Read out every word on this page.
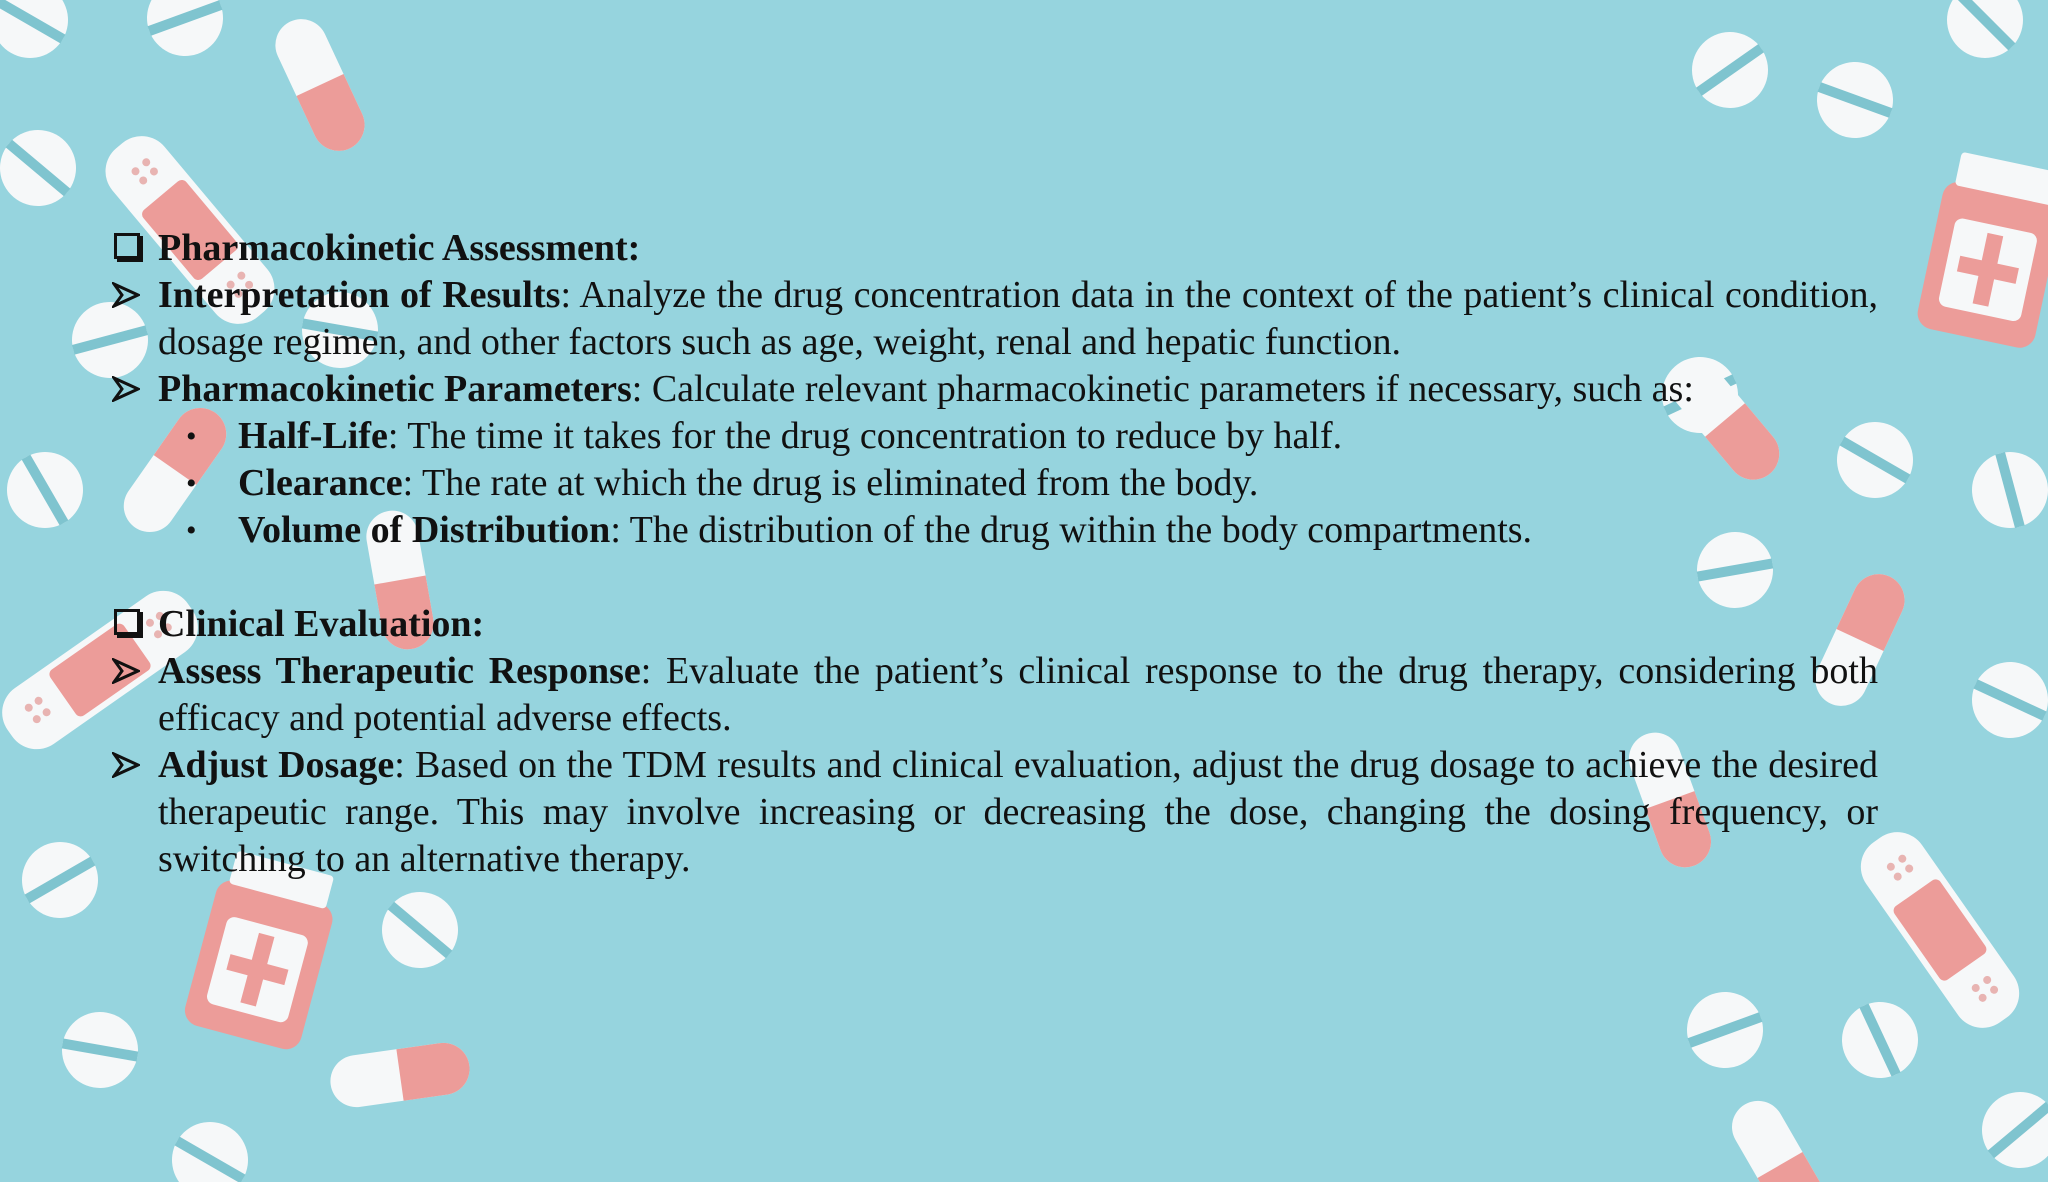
Pharmacokinetic Assessment:
Interpretation of Results: Analyze the drug concentration data in the context of the patient’s clinical condition, dosage regimen, and other factors such as age, weight, renal and hepatic function.
Pharmacokinetic Parameters: Calculate relevant pharmacokinetic parameters if necessary, such as:
• Half-Life: The time it takes for the drug concentration to reduce by half.
• Clearance: The rate at which the drug is eliminated from the body.
• Volume of Distribution: The distribution of the drug within the body compartments.
Clinical Evaluation:
Assess Therapeutic Response: Evaluate the patient’s clinical response to the drug therapy, considering both efficacy and potential adverse effects.
Adjust Dosage: Based on the TDM results and clinical evaluation, adjust the drug dosage to achieve the desired therapeutic range. This may involve increasing or decreasing the dose, changing the dosing frequency, or switching to an alternative therapy.
